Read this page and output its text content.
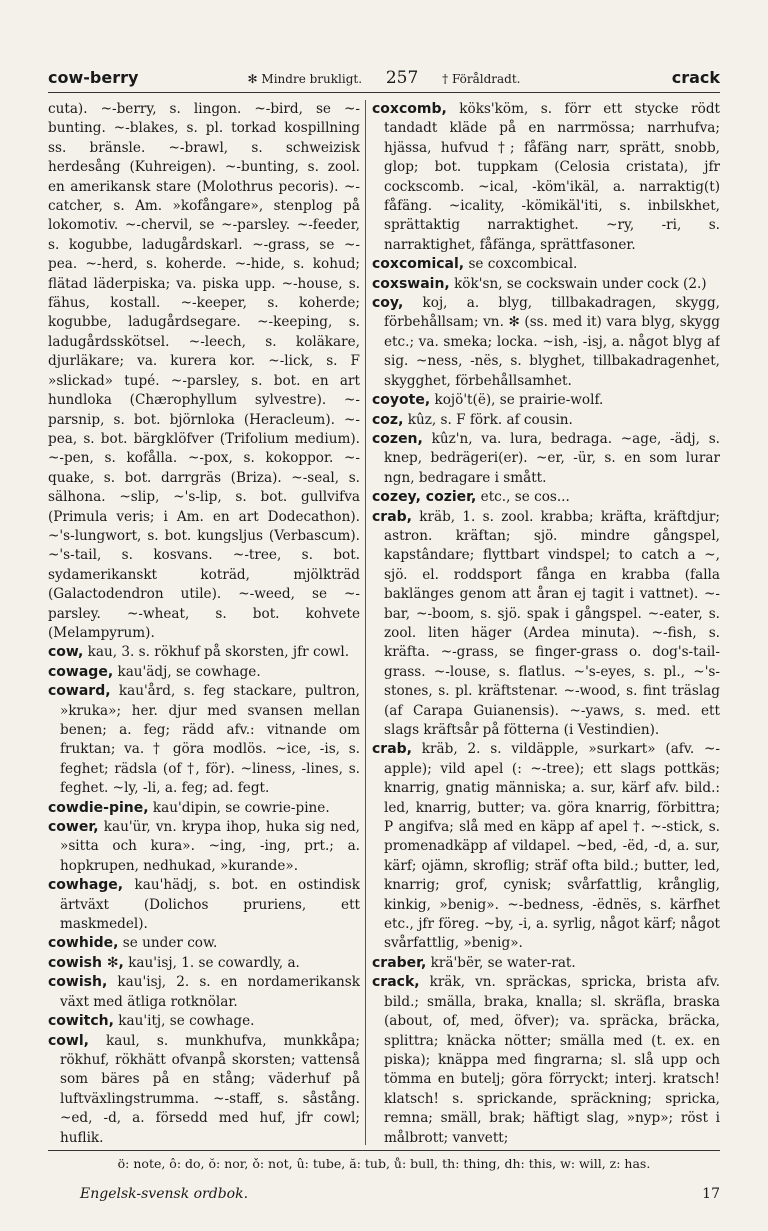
cow-berry	✻ Mindre brukligt. 257 † Föråldradt.	crack

cuta). ~-berry, s. lingon. ~-bird, se ~-bunting. ~-blakes, s. pl. torkad kospillning ss. bränsle. ~-brawl, s. schweizisk herdesång (Kuhreigen). ~-bunting, s. zool. en amerikansk stare (Molothrus pecoris). ~-catcher, s. Am. »kofångare», stenplog på lokomotiv. ~-chervil, se ~-parsley. ~-feeder, s. kogubbe, ladugårdskarl. ~-grass, se ~-pea. ~-herd, s. koherde. ~-hide, s. kohud; flätad läderpiska; va. piska upp. ~-house, s. fähus, kostall. ~-keeper, s. koherde; kogubbe, ladugårdsegare. ~-keeping, s. ladugårdsskötsel. ~-leech, s. koläkare, djurläkare; va. kurera kor. ~-lick, s. F »slickad» tupé. ~-parsley, s. bot. en art hundloka (Chærophyllum sylvestre). ~-parsnip, s. bot. björnloka (Heracleum). ~-pea, s. bot. bärgklöfver (Trifolium medium). ~-pen, s. kofålla. ~-pox, s. kokoppor. ~-quake, s. bot. darrgräs (Briza). ~-seal, s. sälhona. ~slip, ~'s-lip, s. bot. gullvifva (Primula veris; i Am. en art Dodecathon). ~'s-lungwort, s. bot. kungsljus (Verbascum). ~'s-tail, s. kosvans. ~-tree, s. bot. sydamerikanskt koträd, mjölkträd (Galactodendron utile). ~-weed, se ~-parsley. ~-wheat, s. bot. kohvete (Melampyrum).

cow, kau, 3. s. rökhuf på skorsten, jfr cowl.

cowage, kau'ädj, se cowhage.

coward, kau'ård, s. feg stackare, pultron, »kruka»; her. djur med svansen mellan benen; a. feg; rädd afv.: vitnande om fruktan; va. † göra modlös. ~ice, -is, s. feghet; rädsla (of †, för). ~liness, -lines, s. feghet. ~ly, -li, a. feg; ad. fegt.

cowdie-pine, kau'dipin, se cowrie-pine.

cower, kau'ür, vn. krypa ihop, huka sig ned, »sitta och kura». ~ing, -ing, prt.; a. hopkrupen, nedhukad, »kurande».

cowhage, kau'hädj, s. bot. en ostindisk ärtväxt (Dolichos pruriens, ett maskmedel).

cowhide, se under cow.

cowish ✻, kau'isj, 1. se cowardly, a.

cowish, kau'isj, 2. s. en nordamerikansk växt med ätliga rotknölar.

cowitch, kau'itj, se cowhage.

cowl, kaul, s. munkhufva, munkkåpa; rökhuf, rökhätt ofvanpå skorsten; vattenså som bäres på en stång; väderhuf på luftväxlingstrumma. ~-staff, s. såstång. ~ed, -d, a. försedd med huf, jfr cowl; huflik.

coxcomb, köks'köm, s. förr ett stycke rödt tandadt kläde på en narrmössa; narrhufva; hjässa, hufvud †; fåfäng narr, sprätt, snobb, glop; bot. tuppkam (Celosia cristata), jfr cockscomb. ~ical, -köm'ikäl, a. narraktig(t) fåfäng. ~icality, -kömikäl'iti, s. inbilskhet, sprättaktig narraktighet. ~ry, -ri, s. narraktighet, fåfänga, sprättfasoner.

coxcomical, se coxcombical.

coxswain, kök'sn, se cockswain under cock (2.)

coy, koj, a. blyg, tillbakadragen, skygg, förbehållsam; vn. ✻ (ss. med it) vara blyg, skygg etc.; va. smeka; locka. ~ish, -isj, a. något blyg af sig. ~ness, -nës, s. blyghet, tillbakadragenhet, skygghet, förbehållsamhet.

coyote, kojö't(ë), se prairie-wolf.

coz, kûz, s. F förk. af cousin.

cozen, kûz'n, va. lura, bedraga. ~age, -ädj, s. knep, bedrägeri(er). ~er, -ür, s. en som lurar ngn, bedragare i smått.

cozey, cozier, etc., se cos...

crab, kräb, 1. s. zool. krabba; kräfta, kräftdjur; astron. kräftan; sjö. mindre gångspel, kapstândare; flyttbart vindspel; to catch a ~, sjö. el. roddsport fånga en krabba (falla baklänges genom att åran ej tagit i vattnet). ~-bar, ~-boom, s. sjö. spak i gångspel. ~-eater, s. zool. liten häger (Ardea minuta). ~-fish, s. kräfta. ~-grass, se finger-grass o. dog's-tail-grass. ~-louse, s. flatlus. ~'s-eyes, s. pl., ~'s-stones, s. pl. kräftstenar. ~-wood, s. fint träslag (af Carapa Guianensis). ~-yaws, s. med. ett slags kräftsår på fötterna (i Vestindien).

crab, kräb, 2. s. vildäpple, »surkart» (afv. ~-apple); vild apel (: ~-tree); ett slags pottkäs; knarrig, gnatig människa; a. sur, kärf afv. bild.: led, knarrig, butter; va. göra knarrig, förbittra; P angifva; slå med en käpp af apel †. ~-stick, s. promenadkäpp af vildapel. ~bed, -ëd, -d, a. sur, kärf; ojämn, skroflig; sträf ofta bild.; butter, led, knarrig; grof, cynisk; svårfattlig, krånglig, kinkig, »benig». ~-bedness, -ëdnës, s. kärfhet etc., jfr föreg. ~by, -i, a. syrlig, något kärf; något svårfattlig, »benig».

craber, krä'bër, se water-rat.

crack, kräk, vn. spräckas, spricka, brista afv. bild.; smälla, braka, knalla; sl. skräfla, braska (about, of, med, öfver); va. spräcka, bräcka, splittra; knäcka nötter; smälla med (t. ex. en piska); knäppa med fingrarna; sl. slå upp och tömma en butelj; göra förryckt; interj. kratsch! klatsch! s. sprickande, spräckning; spricka, remna; smäll, brak; häftigt slag, »nyp»; röst i målbrott; vanvett;

ö: note, ô: do, ŏ: nor, ǒ: not, û: tube, ă: tub, ů: bull, th: thing, dh: this, w: will, z: has.
Engelsk-svensk ordbok.	17
